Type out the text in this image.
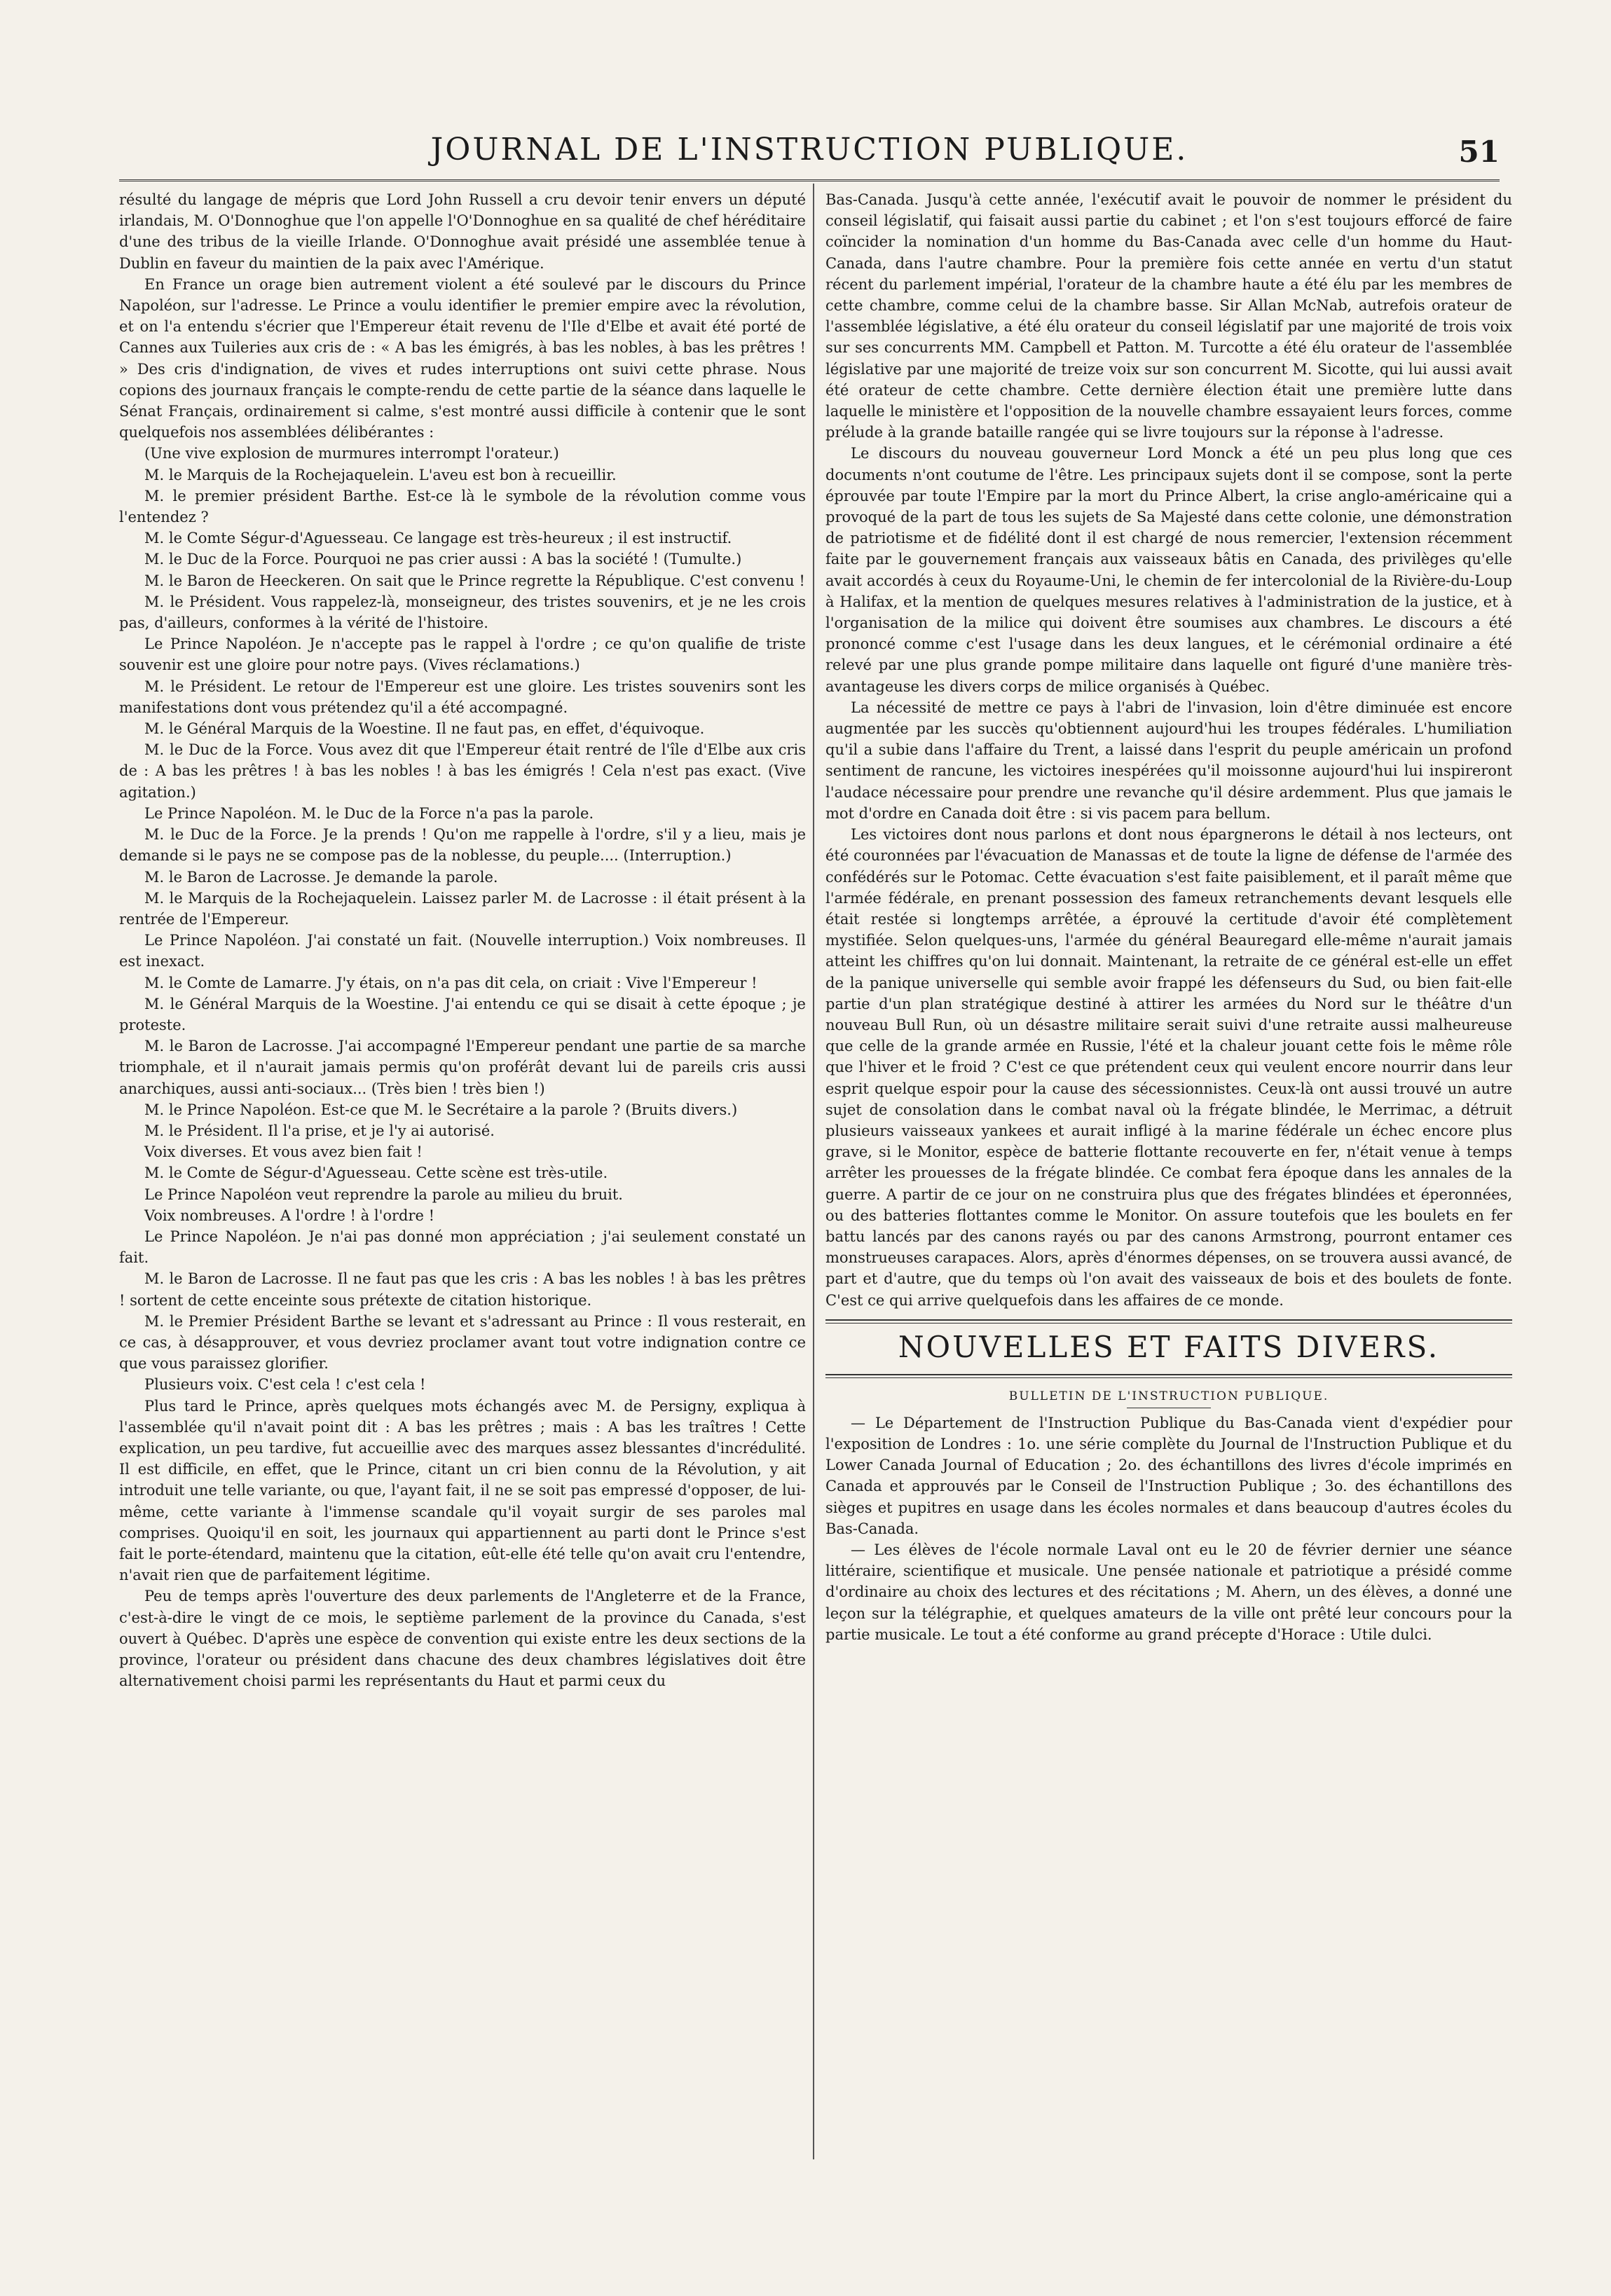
JOURNAL DE L'INSTRUCTION PUBLIQUE.	51

résulté du langage de mépris que Lord John Russell a cru devoir tenir envers un député irlandais, M. O'Donnoghue que l'on appelle l'O'Donnoghue en sa qualité de chef héréditaire d'une des tribus de la vieille Irlande. O'Donnoghue avait présidé une assemblée tenue à Dublin en faveur du maintien de la paix avec l'Amérique.

En France un orage bien autrement violent a été soulevé par le discours du Prince Napoléon, sur l'adresse. Le Prince a voulu identifier le premier empire avec la révolution, et on l'a entendu s'écrier que l'Empereur était revenu de l'Ile d'Elbe et avait été porté de Cannes aux Tuileries aux cris de : « A bas les émigrés, à bas les nobles, à bas les prêtres ! » Des cris d'indignation, de vives et rudes interruptions ont suivi cette phrase. Nous copions des journaux français le compte-rendu de cette partie de la séance dans laquelle le Sénat Français, ordinairement si calme, s'est montré aussi difficile à contenir que le sont quelquefois nos assemblées délibérantes :

(Une vive explosion de murmures interrompt l'orateur.)

M. le Marquis de la Rochejaquelein. L'aveu est bon à recueillir.

M. le premier président Barthe. Est-ce là le symbole de la révolution comme vous l'entendez ?

M. le Comte Ségur-d'Aguesseau. Ce langage est très-heureux ; il est instructif.

M. le Duc de la Force. Pourquoi ne pas crier aussi : A bas la société ! (Tumulte.)

M. le Baron de Heeckeren. On sait que le Prince regrette la République. C'est convenu !

M. le Président. Vous rappelez-là, monseigneur, des tristes souvenirs, et je ne les crois pas, d'ailleurs, conformes à la vérité de l'histoire.

Le Prince Napoléon. Je n'accepte pas le rappel à l'ordre ; ce qu'on qualifie de triste souvenir est une gloire pour notre pays. (Vives réclamations.)

M. le Président. Le retour de l'Empereur est une gloire. Les tristes souvenirs sont les manifestations dont vous prétendez qu'il a été accompagné.

M. le Général Marquis de la Woestine. Il ne faut pas, en effet, d'équivoque.

M. le Duc de la Force. Vous avez dit que l'Empereur était rentré de l'île d'Elbe aux cris de : A bas les prêtres ! à bas les nobles ! à bas les émigrés ! Cela n'est pas exact. (Vive agitation.)

Le Prince Napoléon. M. le Duc de la Force n'a pas la parole.

M. le Duc de la Force. Je la prends ! Qu'on me rappelle à l'ordre, s'il y a lieu, mais je demande si le pays ne se compose pas de la noblesse, du peuple.... (Interruption.)

M. le Baron de Lacrosse. Je demande la parole.

M. le Marquis de la Rochejaquelein. Laissez parler M. de Lacrosse : il était présent à la rentrée de l'Empereur.

Le Prince Napoléon. J'ai constaté un fait. (Nouvelle interruption.) Voix nombreuses. Il est inexact.

M. le Comte de Lamarre. J'y étais, on n'a pas dit cela, on criait : Vive l'Empereur !

M. le Général Marquis de la Woestine. J'ai entendu ce qui se disait à cette époque ; je proteste.

M. le Baron de Lacrosse. J'ai accompagné l'Empereur pendant une partie de sa marche triomphale, et il n'aurait jamais permis qu'on proférât devant lui de pareils cris aussi anarchiques, aussi anti-sociaux... (Très bien ! très bien !)

M. le Prince Napoléon. Est-ce que M. le Secrétaire a la parole ? (Bruits divers.)

M. le Président. Il l'a prise, et je l'y ai autorisé.

Voix diverses. Et vous avez bien fait !

M. le Comte de Ségur-d'Aguesseau. Cette scène est très-utile.

Le Prince Napoléon veut reprendre la parole au milieu du bruit.

Voix nombreuses. A l'ordre ! à l'ordre !

Le Prince Napoléon. Je n'ai pas donné mon appréciation ; j'ai seulement constaté un fait.

M. le Baron de Lacrosse. Il ne faut pas que les cris : A bas les nobles ! à bas les prêtres ! sortent de cette enceinte sous prétexte de citation historique.

M. le Premier Président Barthe se levant et s'adressant au Prince : Il vous resterait, en ce cas, à désapprouver, et vous devriez proclamer avant tout votre indignation contre ce que vous paraissez glorifier.

Plusieurs voix. C'est cela ! c'est cela !

Plus tard le Prince, après quelques mots échangés avec M. de Persigny, expliqua à l'assemblée qu'il n'avait point dit : A bas les prêtres ; mais : A bas les traîtres ! Cette explication, un peu tardive, fut accueillie avec des marques assez blessantes d'incrédulité. Il est difficile, en effet, que le Prince, citant un cri bien connu de la Révolution, y ait introduit une telle variante, ou que, l'ayant fait, il ne se soit pas empressé d'opposer, de lui-même, cette variante à l'immense scandale qu'il voyait surgir de ses paroles mal comprises. Quoiqu'il en soit, les journaux qui appartiennent au parti dont le Prince s'est fait le porte-étendard, maintenu que la citation, eût-elle été telle qu'on avait cru l'entendre, n'avait rien que de parfaitement légitime.

Peu de temps après l'ouverture des deux parlements de l'Angleterre et de la France, c'est-à-dire le vingt de ce mois, le septième parlement de la province du Canada, s'est ouvert à Québec. D'après une espèce de convention qui existe entre les deux sections de la province, l'orateur ou président dans chacune des deux chambres législatives doit être alternativement choisi parmi les représentants du Haut et parmi ceux du

Bas-Canada. Jusqu'à cette année, l'exécutif avait le pouvoir de nommer le président du conseil législatif, qui faisait aussi partie du cabinet ; et l'on s'est toujours efforcé de faire coïncider la nomination d'un homme du Bas-Canada avec celle d'un homme du Haut-Canada, dans l'autre chambre. Pour la première fois cette année en vertu d'un statut récent du parlement impérial, l'orateur de la chambre haute a été élu par les membres de cette chambre, comme celui de la chambre basse. Sir Allan McNab, autrefois orateur de l'assemblée législative, a été élu orateur du conseil législatif par une majorité de trois voix sur ses concurrents MM. Campbell et Patton. M. Turcotte a été élu orateur de l'assemblée législative par une majorité de treize voix sur son concurrent M. Sicotte, qui lui aussi avait été orateur de cette chambre. Cette dernière élection était une première lutte dans laquelle le ministère et l'opposition de la nouvelle chambre essayaient leurs forces, comme prélude à la grande bataille rangée qui se livre toujours sur la réponse à l'adresse.

Le discours du nouveau gouverneur Lord Monck a été un peu plus long que ces documents n'ont coutume de l'être. Les principaux sujets dont il se compose, sont la perte éprouvée par toute l'Empire par la mort du Prince Albert, la crise anglo-américaine qui a provoqué de la part de tous les sujets de Sa Majesté dans cette colonie, une démonstration de patriotisme et de fidélité dont il est chargé de nous remercier, l'extension récemment faite par le gouvernement français aux vaisseaux bâtis en Canada, des privilèges qu'elle avait accordés à ceux du Royaume-Uni, le chemin de fer intercolonial de la Rivière-du-Loup à Halifax, et la mention de quelques mesures relatives à l'administration de la justice, et à l'organisation de la milice qui doivent être soumises aux chambres. Le discours a été prononcé comme c'est l'usage dans les deux langues, et le cérémonial ordinaire a été relevé par une plus grande pompe militaire dans laquelle ont figuré d'une manière très-avantageuse les divers corps de milice organisés à Québec.

La nécessité de mettre ce pays à l'abri de l'invasion, loin d'être diminuée est encore augmentée par les succès qu'obtiennent aujourd'hui les troupes fédérales. L'humiliation qu'il a subie dans l'affaire du Trent, a laissé dans l'esprit du peuple américain un profond sentiment de rancune, les victoires inespérées qu'il moissonne aujourd'hui lui inspireront l'audace nécessaire pour prendre une revanche qu'il désire ardemment. Plus que jamais le mot d'ordre en Canada doit être : si vis pacem para bellum.

Les victoires dont nous parlons et dont nous épargnerons le détail à nos lecteurs, ont été couronnées par l'évacuation de Manassas et de toute la ligne de défense de l'armée des confédérés sur le Potomac. Cette évacuation s'est faite paisiblement, et il paraît même que l'armée fédérale, en prenant possession des fameux retranchements devant lesquels elle était restée si longtemps arrêtée, a éprouvé la certitude d'avoir été complètement mystifiée. Selon quelques-uns, l'armée du général Beauregard elle-même n'aurait jamais atteint les chiffres qu'on lui donnait. Maintenant, la retraite de ce général est-elle un effet de la panique universelle qui semble avoir frappé les défenseurs du Sud, ou bien fait-elle partie d'un plan stratégique destiné à attirer les armées du Nord sur le théâtre d'un nouveau Bull Run, où un désastre militaire serait suivi d'une retraite aussi malheureuse que celle de la grande armée en Russie, l'été et la chaleur jouant cette fois le même rôle que l'hiver et le froid ? C'est ce que prétendent ceux qui veulent encore nourrir dans leur esprit quelque espoir pour la cause des sécessionnistes. Ceux-là ont aussi trouvé un autre sujet de consolation dans le combat naval où la frégate blindée, le Merrimac, a détruit plusieurs vaisseaux yankees et aurait infligé à la marine fédérale un échec encore plus grave, si le Monitor, espèce de batterie flottante recouverte en fer, n'était venue à temps arrêter les prouesses de la frégate blindée. Ce combat fera époque dans les annales de la guerre. A partir de ce jour on ne construira plus que des frégates blindées et éperonnées, ou des batteries flottantes comme le Monitor. On assure toutefois que les boulets en fer battu lancés par des canons rayés ou par des canons Armstrong, pourront entamer ces monstrueuses carapaces. Alors, après d'énormes dépenses, on se trouvera aussi avancé, de part et d'autre, que du temps où l'on avait des vaisseaux de bois et des boulets de fonte. C'est ce qui arrive quelquefois dans les affaires de ce monde.

NOUVELLES ET FAITS DIVERS.
BULLETIN DE L'INSTRUCTION PUBLIQUE.

— Le Département de l'Instruction Publique du Bas-Canada vient d'expédier pour l'exposition de Londres : 1o. une série complète du Journal de l'Instruction Publique et du Lower Canada Journal of Education ; 2o. des échantillons des livres d'école imprimés en Canada et approuvés par le Conseil de l'Instruction Publique ; 3o. des échantillons des sièges et pupitres en usage dans les écoles normales et dans beaucoup d'autres écoles du Bas-Canada.

— Les élèves de l'école normale Laval ont eu le 20 de février dernier une séance littéraire, scientifique et musicale. Une pensée nationale et patriotique a présidé comme d'ordinaire au choix des lectures et des récitations ; M. Ahern, un des élèves, a donné une leçon sur la télégraphie, et quelques amateurs de la ville ont prêté leur concours pour la partie musicale. Le tout a été conforme au grand précepte d'Horace : Utile dulci.
